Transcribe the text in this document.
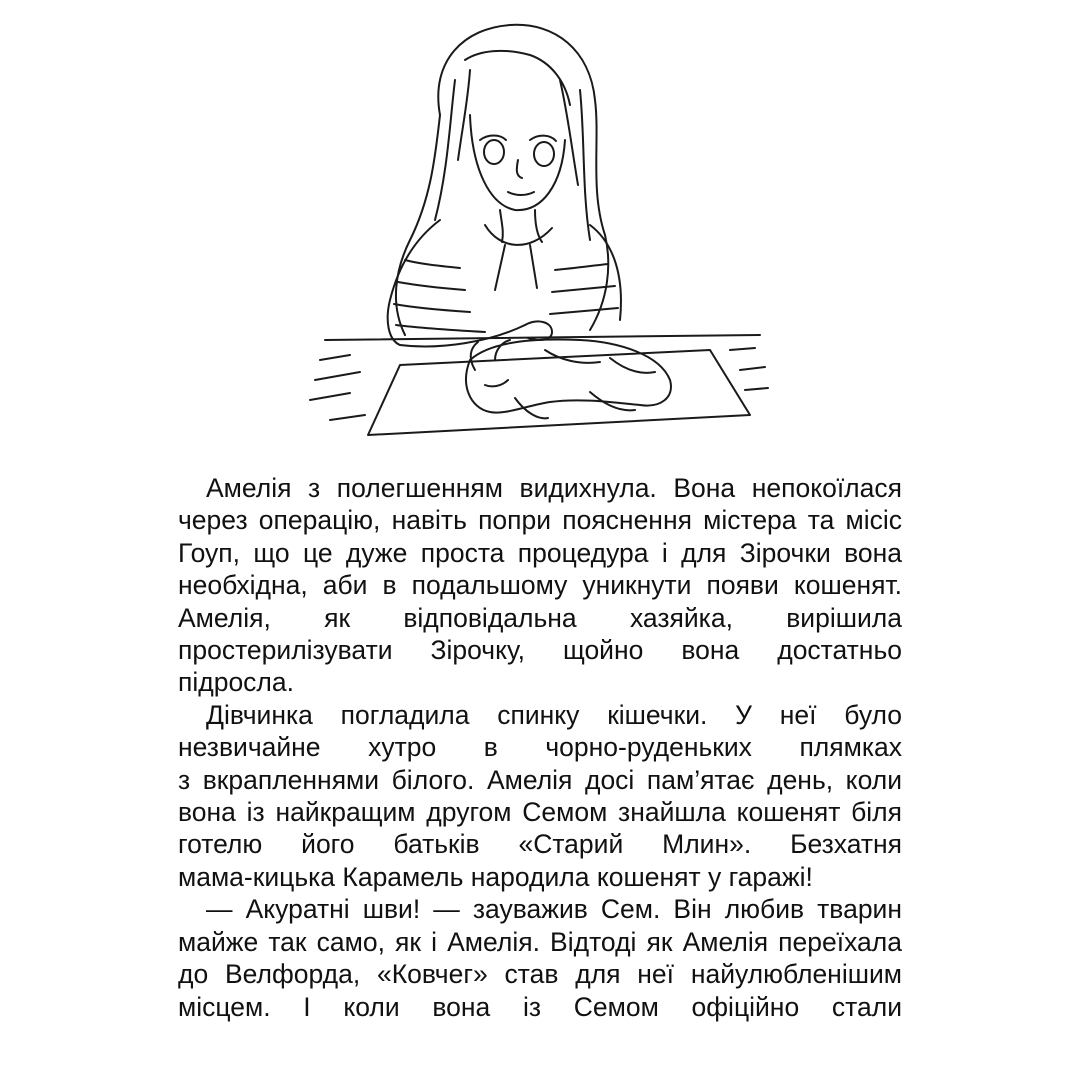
Амелія з полегшенням видихнула. Вона непокоїлася
через операцію, навіть попри пояснення містера та місіс
Гоуп, що це дуже проста процедура і для Зірочки вона
необхідна, аби в подальшому уникнути появи кошенят.
Амелія, як відповідальна хазяйка, вирішила
простерилізувати Зірочку, щойно вона достатньо
підросла.

Дівчинка погладила спинку кішечки. У неї було
незвичайне хутро в чорно-руденьких плямках
з вкрапленнями білого. Амелія досі пам’ятає день, коли
вона із найкращим другом Семом знайшла кошенят біля
готелю його батьків «Старий Млин». Безхатня
мама-кицька Карамель народила кошенят у гаражі!

— Акуратні шви! — зауважив Сем. Він любив тварин
майже так само, як і Амелія. Відтоді як Амелія переїхала
до Велфорда, «Ковчег» став для неї найулюбленішим
місцем. І коли вона із Семом офіційно стали
